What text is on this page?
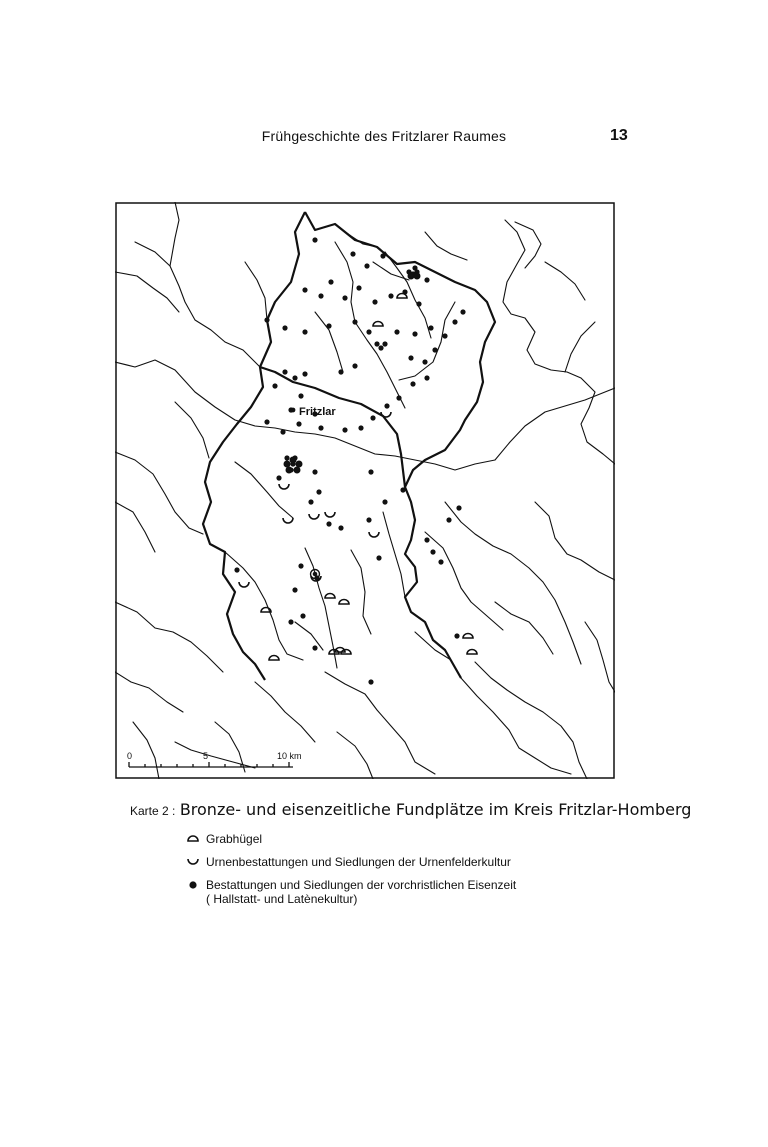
Frühgeschichte des Fritzlarer Raumes	13
Fritzlar
0	5	10 km
Karte 2 : Bronze- und eisenzeitliche Fundplätze im Kreis Fritzlar-Homberg
Grabhügel
Urnenbestattungen und Siedlungen der Urnenfelderkultur
Bestattungen und Siedlungen der vorchristlichen Eisenzeit
( Hallstatt- und Latènekultur)
